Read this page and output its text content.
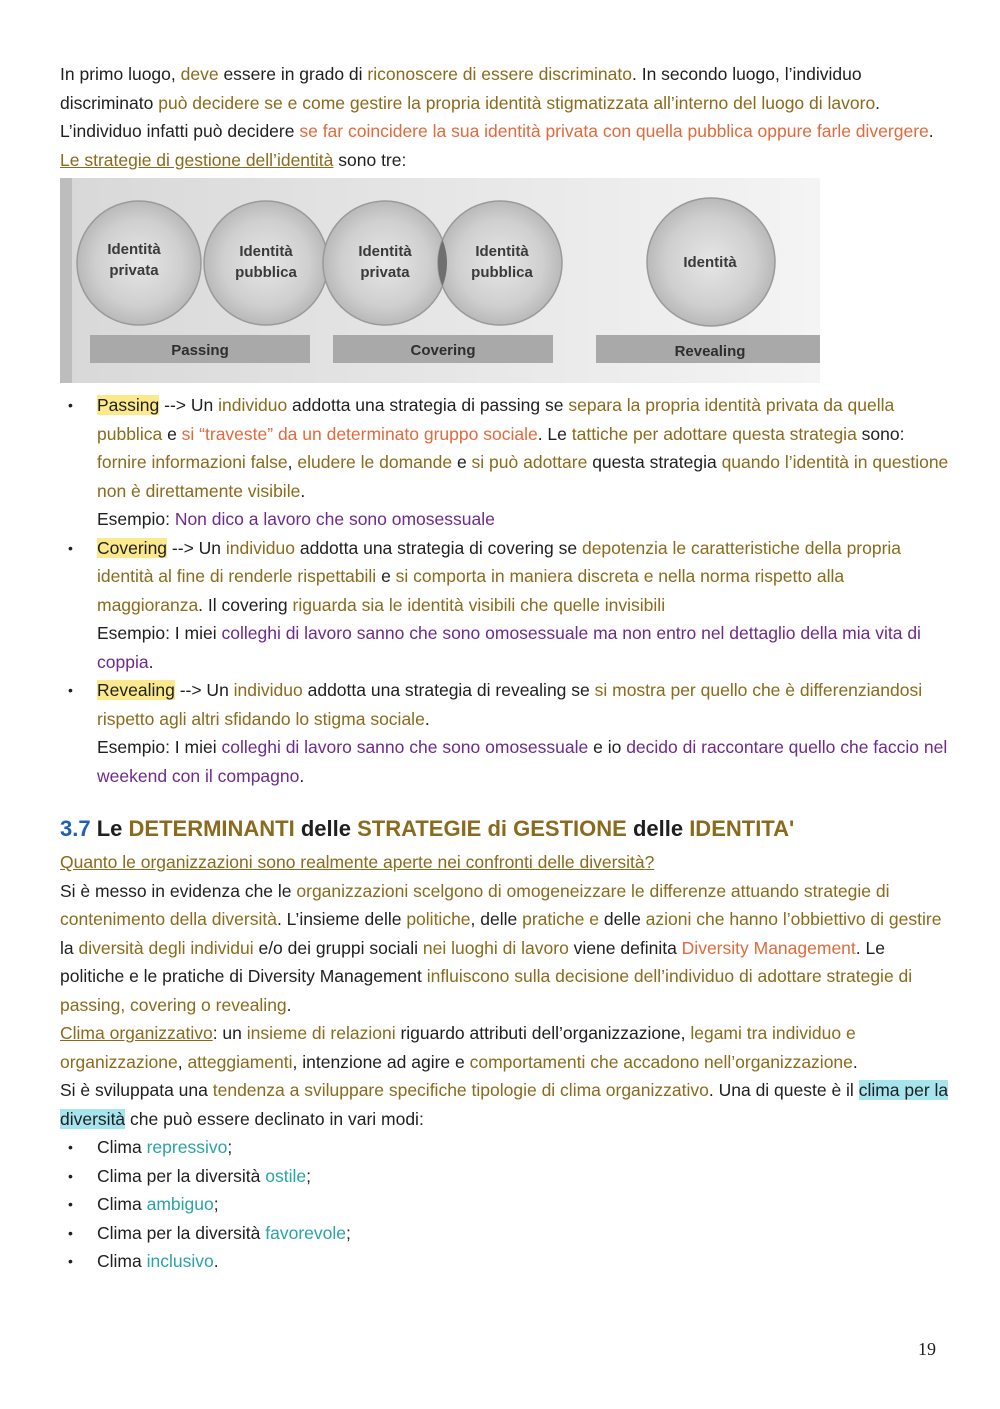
In primo luogo, deve essere in grado di riconoscere di essere discriminato. In secondo luogo, l’individuo discriminato può decidere se e come gestire la propria identità stigmatizzata all’interno del luogo di lavoro. L’individuo infatti può decidere se far coincidere la sua identità privata con quella pubblica oppure farle divergere.

Le strategie di gestione dell’identità sono tre:

Identità
privata
Identità
pubblica
Identità
privata
Identità
pubblica
Identità
Passing	Covering	Revealing
• Passing --> Un individuo addotta una strategia di passing se separa la propria identità privata da quella pubblica e si “traveste” da un determinato gruppo sociale. Le tattiche per adottare questa strategia sono: fornire informazioni false, eludere le domande e si può adottare questa strategia quando l’identità in questione non è direttamente visibile.
Esempio: Non dico a lavoro che sono omosessuale
• Covering --> Un individuo addotta una strategia di covering se depotenzia le caratteristiche della propria identità al fine di renderle rispettabili e si comporta in maniera discreta e nella norma rispetto alla maggioranza. Il covering riguarda sia le identità visibili che quelle invisibili
Esempio: I miei colleghi di lavoro sanno che sono omosessuale ma non entro nel dettaglio della mia vita di coppia.
• Revealing --> Un individuo addotta una strategia di revealing se si mostra per quello che è differenziandosi rispetto agli altri sfidando lo stigma sociale.
Esempio: I miei colleghi di lavoro sanno che sono omosessuale e io decido di raccontare quello che faccio nel weekend con il compagno.
3.7 Le DETERMINANTI delle STRATEGIE di GESTIONE delle IDENTITA'

Quanto le organizzazioni sono realmente aperte nei confronti delle diversità?

Si è messo in evidenza che le organizzazioni scelgono di omogeneizzare le differenze attuando strategie di contenimento della diversità. L’insieme delle politiche, delle pratiche e delle azioni che hanno l’obbiettivo di gestire la diversità degli individui e/o dei gruppi sociali nei luoghi di lavoro viene definita Diversity Management. Le politiche e le pratiche di Diversity Management influiscono sulla decisione dell’individuo di adottare strategie di passing, covering o revealing.

Clima organizzativo: un insieme di relazioni riguardo attributi dell’organizzazione, legami tra individuo e organizzazione, atteggiamenti, intenzione ad agire e comportamenti che accadono nell’organizzazione.

Si è sviluppata una tendenza a sviluppare specifiche tipologie di clima organizzativo. Una di queste è il clima per la diversità che può essere declinato in vari modi:

• Clima repressivo;
• Clima per la diversità ostile;
• Clima ambiguo;
• Clima per la diversità favorevole;
• Clima inclusivo.
19
